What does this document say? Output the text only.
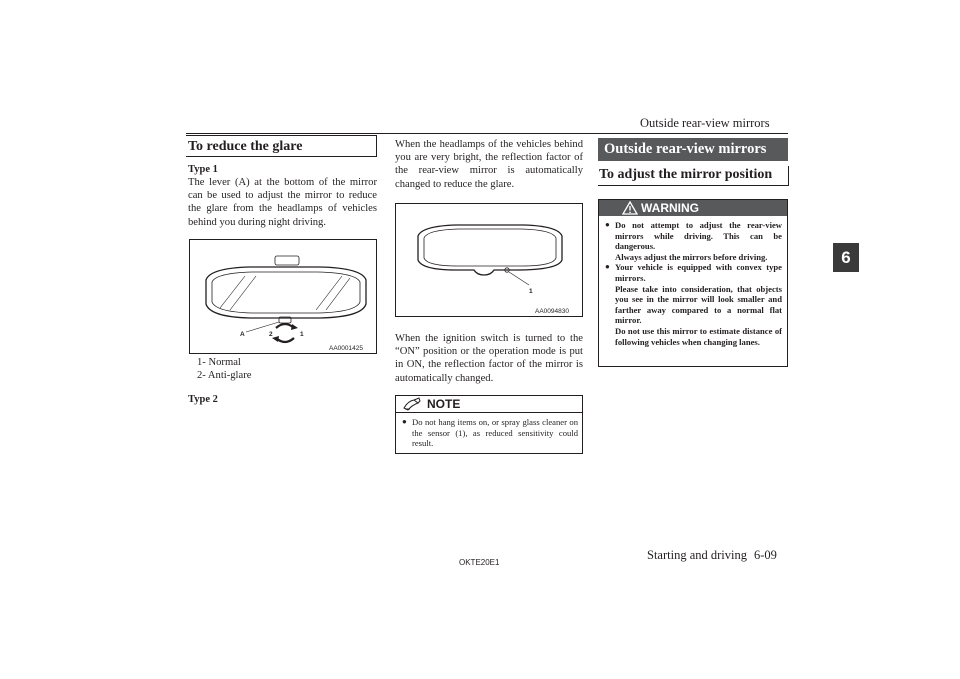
Outside rear-view mirrors
6
To reduce the glare
Type 1
The lever (A) at the bottom of the mirror can be used to adjust the mirror to reduce the glare from the headlamps of vehicles behind you during night driving.
A	2	1
AA0001425
1- Normal
2- Anti-glare
Type 2
When the headlamps of the vehicles behind you are very bright, the reflection factor of the rear-view mirror is automatically changed to reduce the glare.
1
AA0094830
When the ignition switch is turned to the “ON” position or the operation mode is put in ON, the reflection factor of the mirror is automatically changed.
NOTE
● Do not hang items on, or spray glass cleaner on the sensor (1), as reduced sensitivity could result.
Outside rear-view mirrors
To adjust the mirror position
WARNING
● Do not attempt to adjust the rear-view mirrors while driving. This can be dangerous.
Always adjust the mirrors before driving.
● Your vehicle is equipped with convex type mirrors.
Please take into consideration, that objects you see in the mirror will look smaller and farther away compared to a normal flat mirror.
Do not use this mirror to estimate distance of following vehicles when changing lanes.
OKTE20E1
Starting and driving 6-09
